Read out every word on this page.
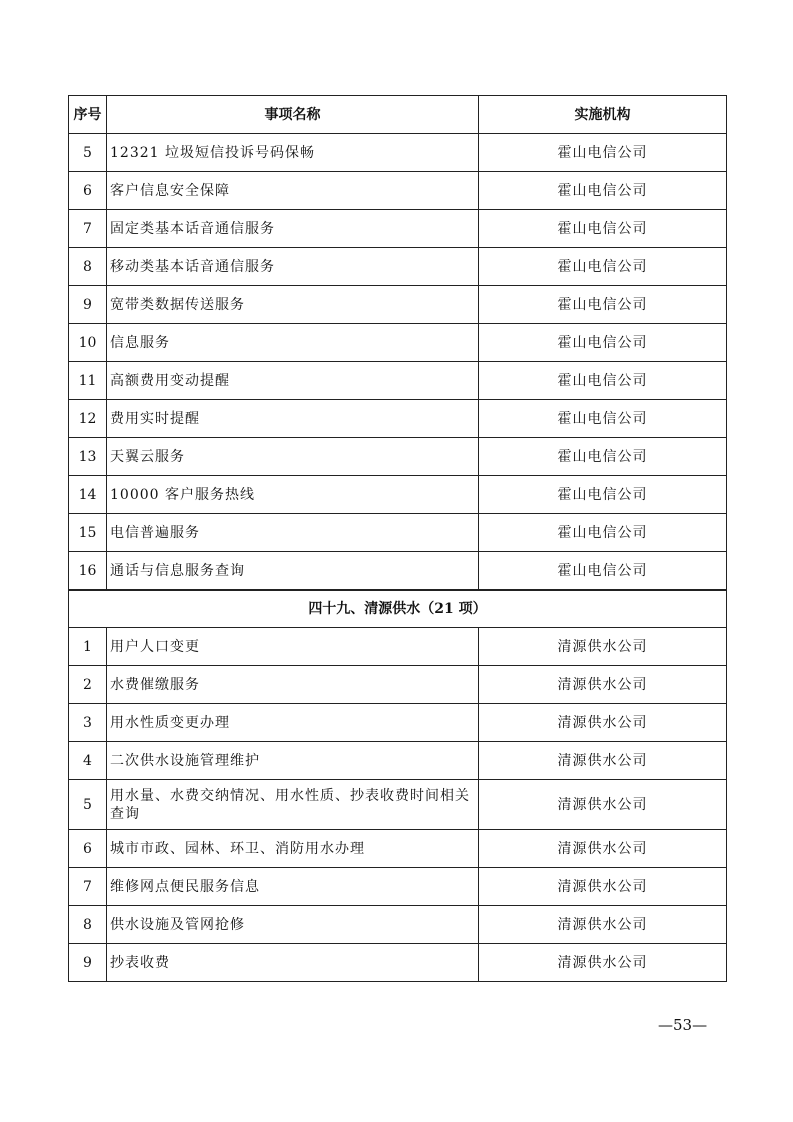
序号	事项名称	实施机构
5	12321 垃圾短信投诉号码保畅	霍山电信公司
6	客户信息安全保障	霍山电信公司
7	固定类基本话音通信服务	霍山电信公司
8	移动类基本话音通信服务	霍山电信公司
9	宽带类数据传送服务	霍山电信公司
10	信息服务	霍山电信公司
11	高额费用变动提醒	霍山电信公司
12	费用实时提醒	霍山电信公司
13	天翼云服务	霍山电信公司
14	10000 客户服务热线	霍山电信公司
15	电信普遍服务	霍山电信公司
16	通话与信息服务查询	霍山电信公司
四十九、清源供水（21 项）		
1	用户人口变更	清源供水公司
2	水费催缴服务	清源供水公司
3	用水性质变更办理	清源供水公司
4	二次供水设施管理维护	清源供水公司
5	用水量、水费交纳情况、用水性质、抄表收费时间相关查询	清源供水公司
6	城市市政、园林、环卫、消防用水办理	清源供水公司
7	维修网点便民服务信息	清源供水公司
8	供水设施及管网抢修	清源供水公司
9	抄表收费	清源供水公司
—53—
